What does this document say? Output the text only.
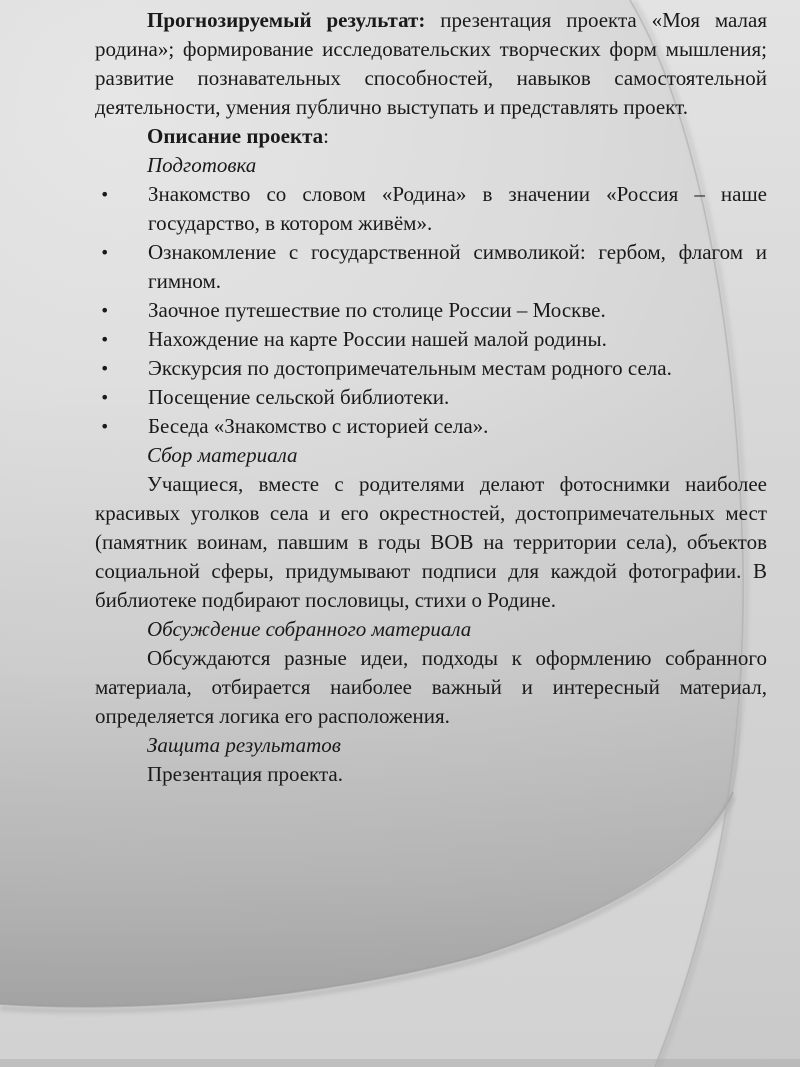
Прогнозируемый результат: презентация проекта «Моя малая родина»; формирование исследовательских творческих форм мышления; развитие познавательных способностей, навыков самостоятельной деятельности, умения публично выступать и представлять проект.

Описание проекта:

Подготовка

• Знакомство со словом «Родина» в значении «Россия – наше государство, в котором живём».
• Ознакомление с государственной символикой: гербом, флагом и гимном.
• Заочное путешествие по столице России – Москве.
• Нахождение на карте России нашей малой родины.
• Экскурсия по достопримечательным местам родного села.
• Посещение сельской библиотеки.
• Беседа «Знакомство с историей села».

Сбор материала

Учащиеся, вместе с родителями делают фотоснимки наиболее красивых уголков села и его окрестностей, достопримечательных мест (памятник воинам, павшим в годы ВОВ на территории села), объектов социальной сферы, придумывают подписи для каждой фотографии. В библиотеке подбирают пословицы, стихи о Родине.

Обсуждение собранного материала

Обсуждаются разные идеи, подходы к оформлению собранного материала, отбирается наиболее важный и интересный материал, определяется логика его расположения.

Защита результатов

Презентация проекта.
